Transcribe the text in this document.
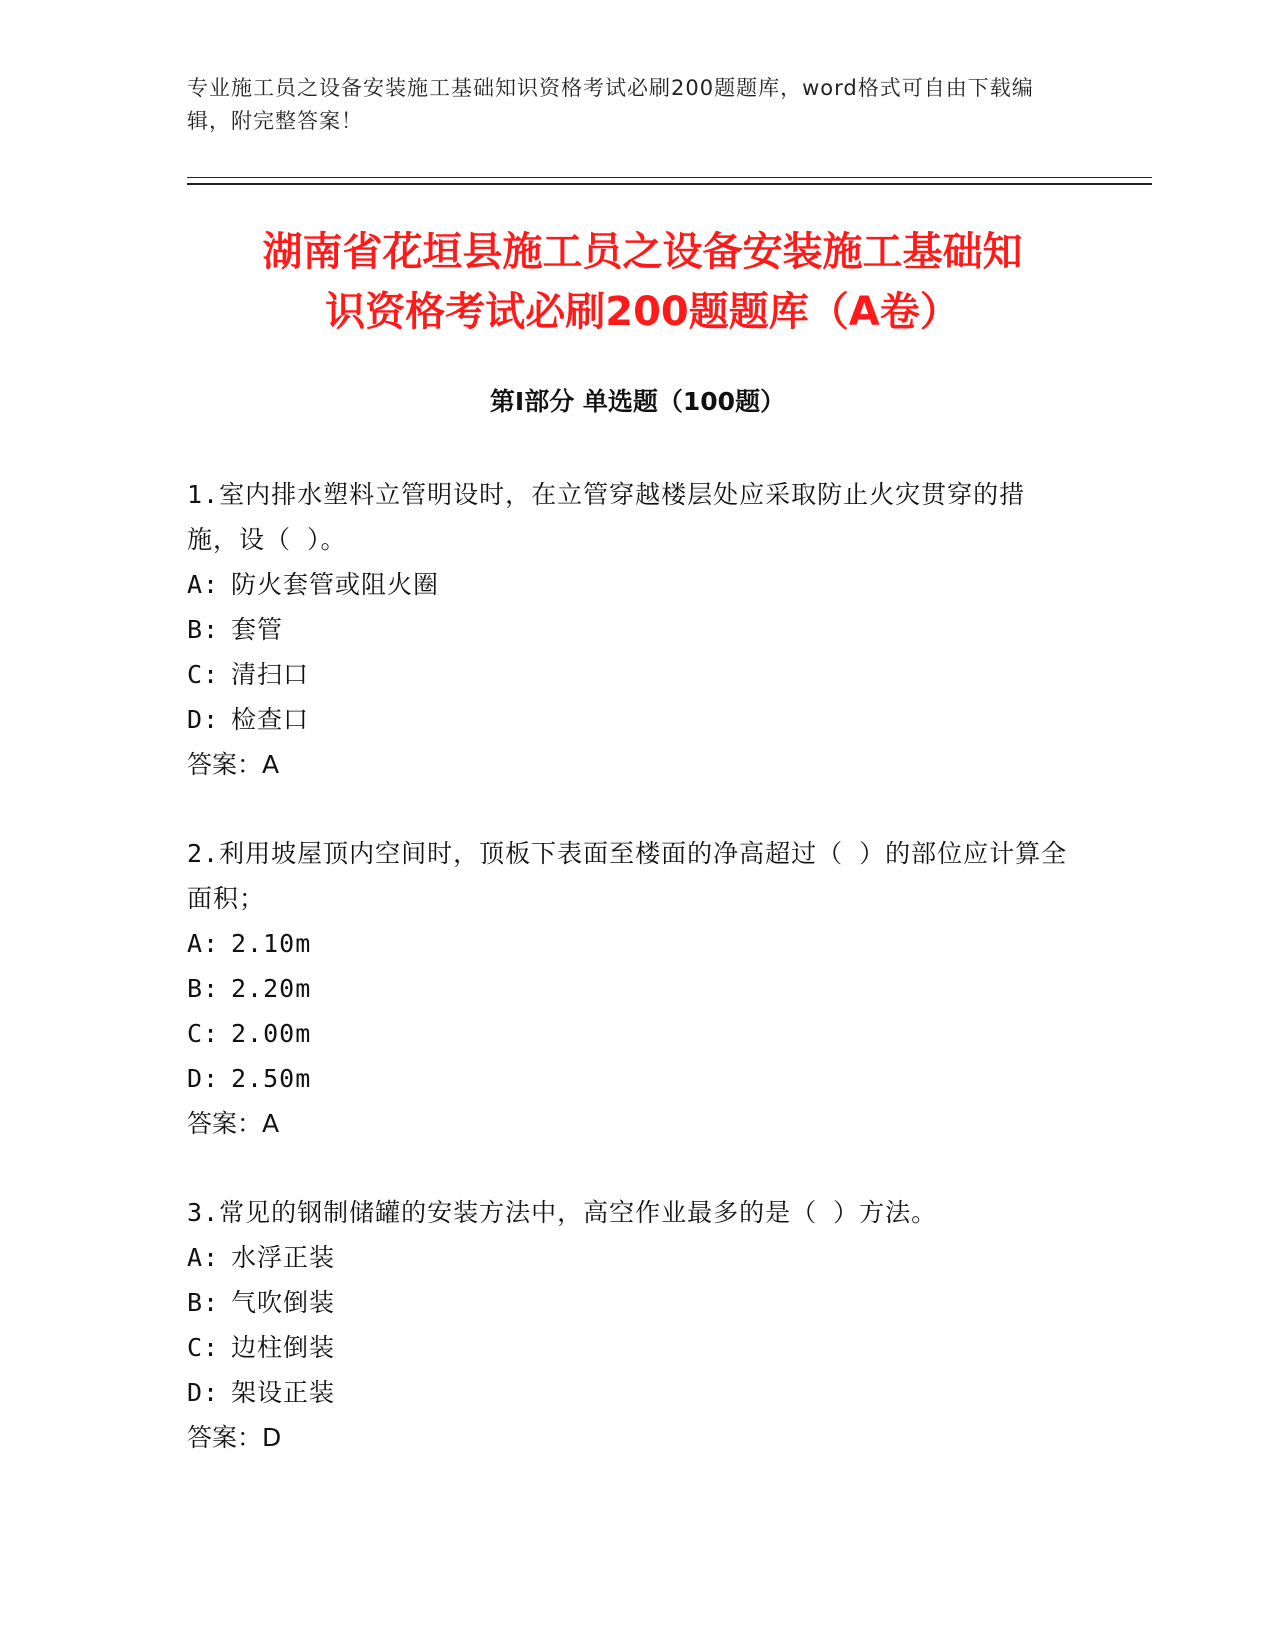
专业施工员之设备安装施工基础知识资格考试必刷200题题库，word格式可自由下载编辑，附完整答案！
湖南省花垣县施工员之设备安装施工基础知
识资格考试必刷200题题库（A卷）
第Ⅰ部分 单选题（100题）
1.室内排水塑料立管明设时，在立管穿越楼层处应采取防止火灾贯穿的措施，设（ ）。
A: 防火套管或阻火圈
B: 套管
C: 清扫口
D: 检查口
答案：A
2.利用坡屋顶内空间时，顶板下表面至楼面的净高超过（ ）的部位应计算全面积；
A: 2.10m
B: 2.20m
C: 2.00m
D: 2.50m
答案：A
3.常见的钢制储罐的安装方法中，高空作业最多的是（ ）方法。
A: 水浮正装
B: 气吹倒装
C: 边柱倒装
D: 架设正装
答案：D
